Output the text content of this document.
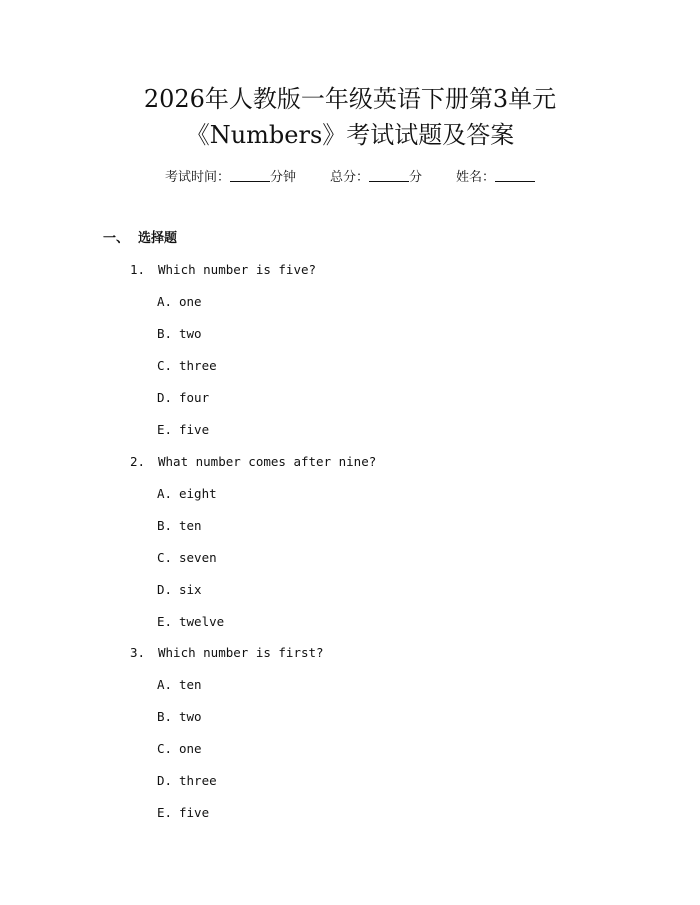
2026年人教版一年级英语下册第3单元
《Numbers》考试试题及答案
考试时间：	分钟	总分：	分	姓名：
一、 选择题
1. Which number is five?
A. one
B. two
C. three
D. four
E. five
2. What number comes after nine?
A. eight
B. ten
C. seven
D. six
E. twelve
3. Which number is first?
A. ten
B. two
C. one
D. three
E. five
